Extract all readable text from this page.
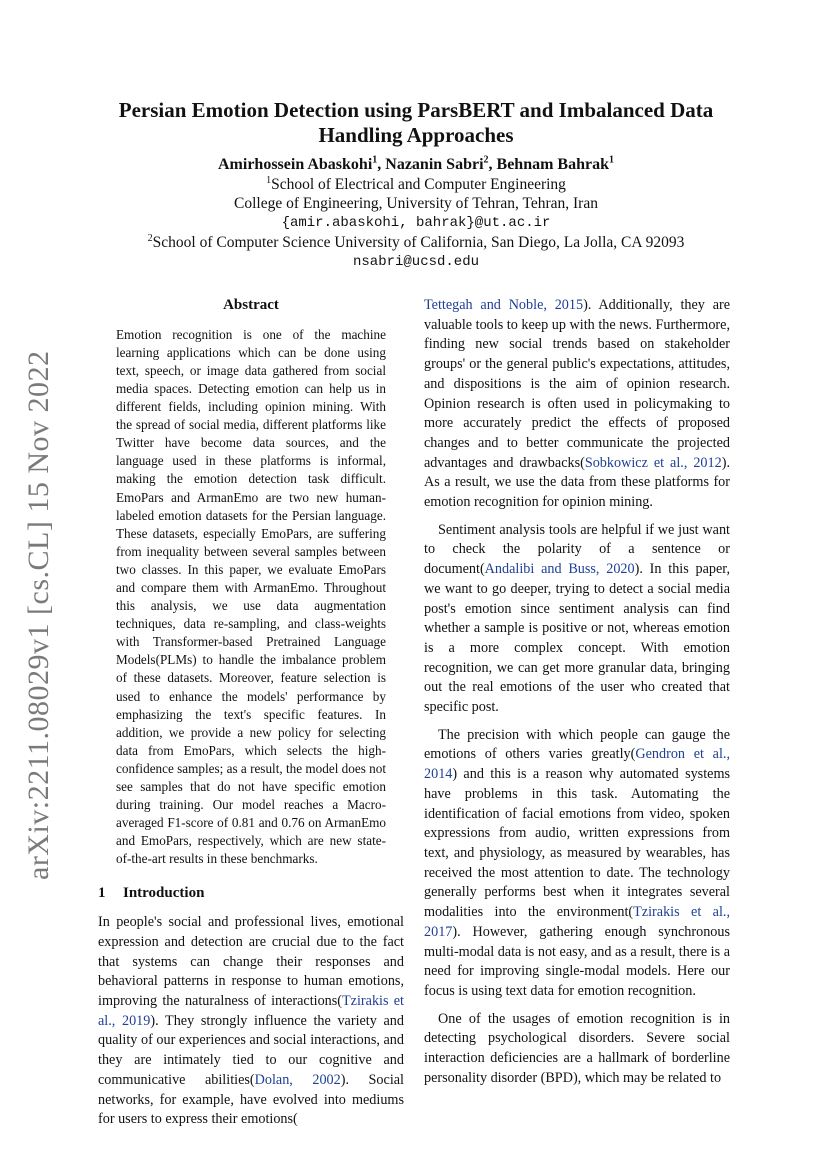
arXiv:2211.08029v1 [cs.CL] 15 Nov 2022
Persian Emotion Detection using ParsBERT and Imbalanced Data Handling Approaches
Amirhossein Abaskohi$^1$, Nazanin Sabri$^2$, Behnam Bahrak$^1$
$^1$School of Electrical and Computer Engineering
College of Engineering, University of Tehran, Tehran, Iran
{amir.abaskohi, bahrak}@ut.ac.ir
$^2$School of Computer Science University of California, San Diego, La Jolla, CA 92093
nsabri@ucsd.edu
Abstract

Emotion recognition is one of the machine learning applications which can be done using text, speech, or image data gathered from social media spaces. Detecting emotion can help us in different fields, including opinion mining. With the spread of social media, different platforms like Twitter have become data sources, and the language used in these platforms is informal, making the emotion detection task difficult. EmoPars and ArmanEmo are two new human-labeled emotion datasets for the Persian language. These datasets, especially EmoPars, are suffering from inequality between several samples between two classes. In this paper, we evaluate EmoPars and compare them with ArmanEmo. Throughout this analysis, we use data augmentation techniques, data re-sampling, and class-weights with Transformer-based Pretrained Language Models(PLMs) to handle the imbalance problem of these datasets. Moreover, feature selection is used to enhance the models' performance by emphasizing the text's specific features. In addition, we provide a new policy for selecting data from EmoPars, which selects the high-confidence samples; as a result, the model does not see samples that do not have specific emotion during training. Our model reaches a Macro-averaged F1-score of 0.81 and 0.76 on ArmanEmo and EmoPars, respectively, which are new state-of-the-art results in these benchmarks.

1 Introduction

In people's social and professional lives, emotional expression and detection are crucial due to the fact that systems can change their responses and behavioral patterns in response to human emotions, improving the naturalness of interactions(Tzirakis et al., 2019). They strongly influence the variety and quality of our experiences and social interactions, and they are intimately tied to our cognitive and communicative abilities(Dolan, 2002). Social networks, for example, have evolved into mediums for users to express their emotions(

Tettegah and Noble, 2015). Additionally, they are valuable tools to keep up with the news. Furthermore, finding new social trends based on stakeholder groups' or the general public's expectations, attitudes, and dispositions is the aim of opinion research. Opinion research is often used in policymaking to more accurately predict the effects of proposed changes and to better communicate the projected advantages and drawbacks(Sobkowicz et al., 2012). As a result, we use the data from these platforms for emotion recognition for opinion mining.

Sentiment analysis tools are helpful if we just want to check the polarity of a sentence or document(Andalibi and Buss, 2020). In this paper, we want to go deeper, trying to detect a social media post's emotion since sentiment analysis can find whether a sample is positive or not, whereas emotion is a more complex concept. With emotion recognition, we can get more granular data, bringing out the real emotions of the user who created that specific post.

The precision with which people can gauge the emotions of others varies greatly(Gendron et al., 2014) and this is a reason why automated systems have problems in this task. Automating the identification of facial emotions from video, spoken expressions from audio, written expressions from text, and physiology, as measured by wearables, has received the most attention to date. The technology generally performs best when it integrates several modalities into the environment(Tzirakis et al., 2017). However, gathering enough synchronous multi-modal data is not easy, and as a result, there is a need for improving single-modal models. Here our focus is using text data for emotion recognition.

One of the usages of emotion recognition is in detecting psychological disorders. Severe social interaction deficiencies are a hallmark of borderline personality disorder (BPD), which may be related to
